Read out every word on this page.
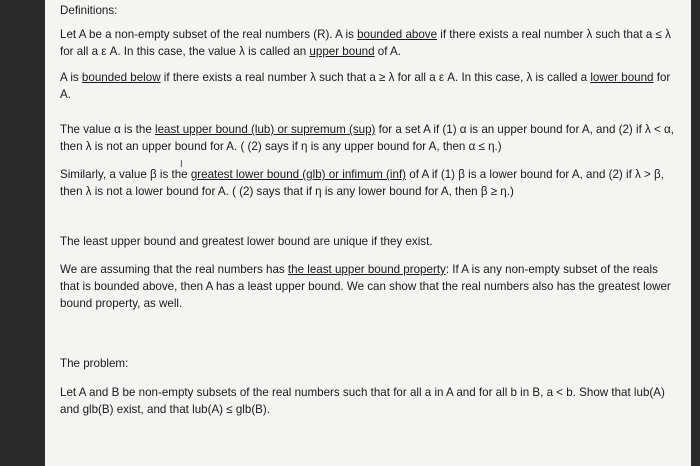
Definitions:

Let A be a non-empty subset of the real numbers (R). A is bounded above if there exists a real number λ such that a ≤ λ for all a ε A. In this case, the value λ is called an upper bound of A.

A is bounded below if there exists a real number λ such that a ≥ λ for all a ε A. In this case, λ is called a lower bound for A.

The value α is the least upper bound (lub) or supremum (sup) for a set A if (1) α is an upper bound for A, and (2) if λ < α, then λ is not an upper bound for A. ( (2) says if η is any upper bound for A, then α ≤ η.)

I

Similarly, a value β is the greatest lower bound (glb) or infimum (inf) of A if (1) β is a lower bound for A, and (2) if λ > β, then λ is not a lower bound for A. ( (2) says that if η is any lower bound for A, then β ≥ η.)

The least upper bound and greatest lower bound are unique if they exist.

We are assuming that the real numbers has the least upper bound property: If A is any non-empty subset of the reals that is bounded above, then A has a least upper bound. We can show that the real numbers also has the greatest lower bound property, as well.

The problem:

Let A and B be non-empty subsets of the real numbers such that for all a in A and for all b in B, a < b. Show that lub(A) and glb(B) exist, and that lub(A) ≤ glb(B).
